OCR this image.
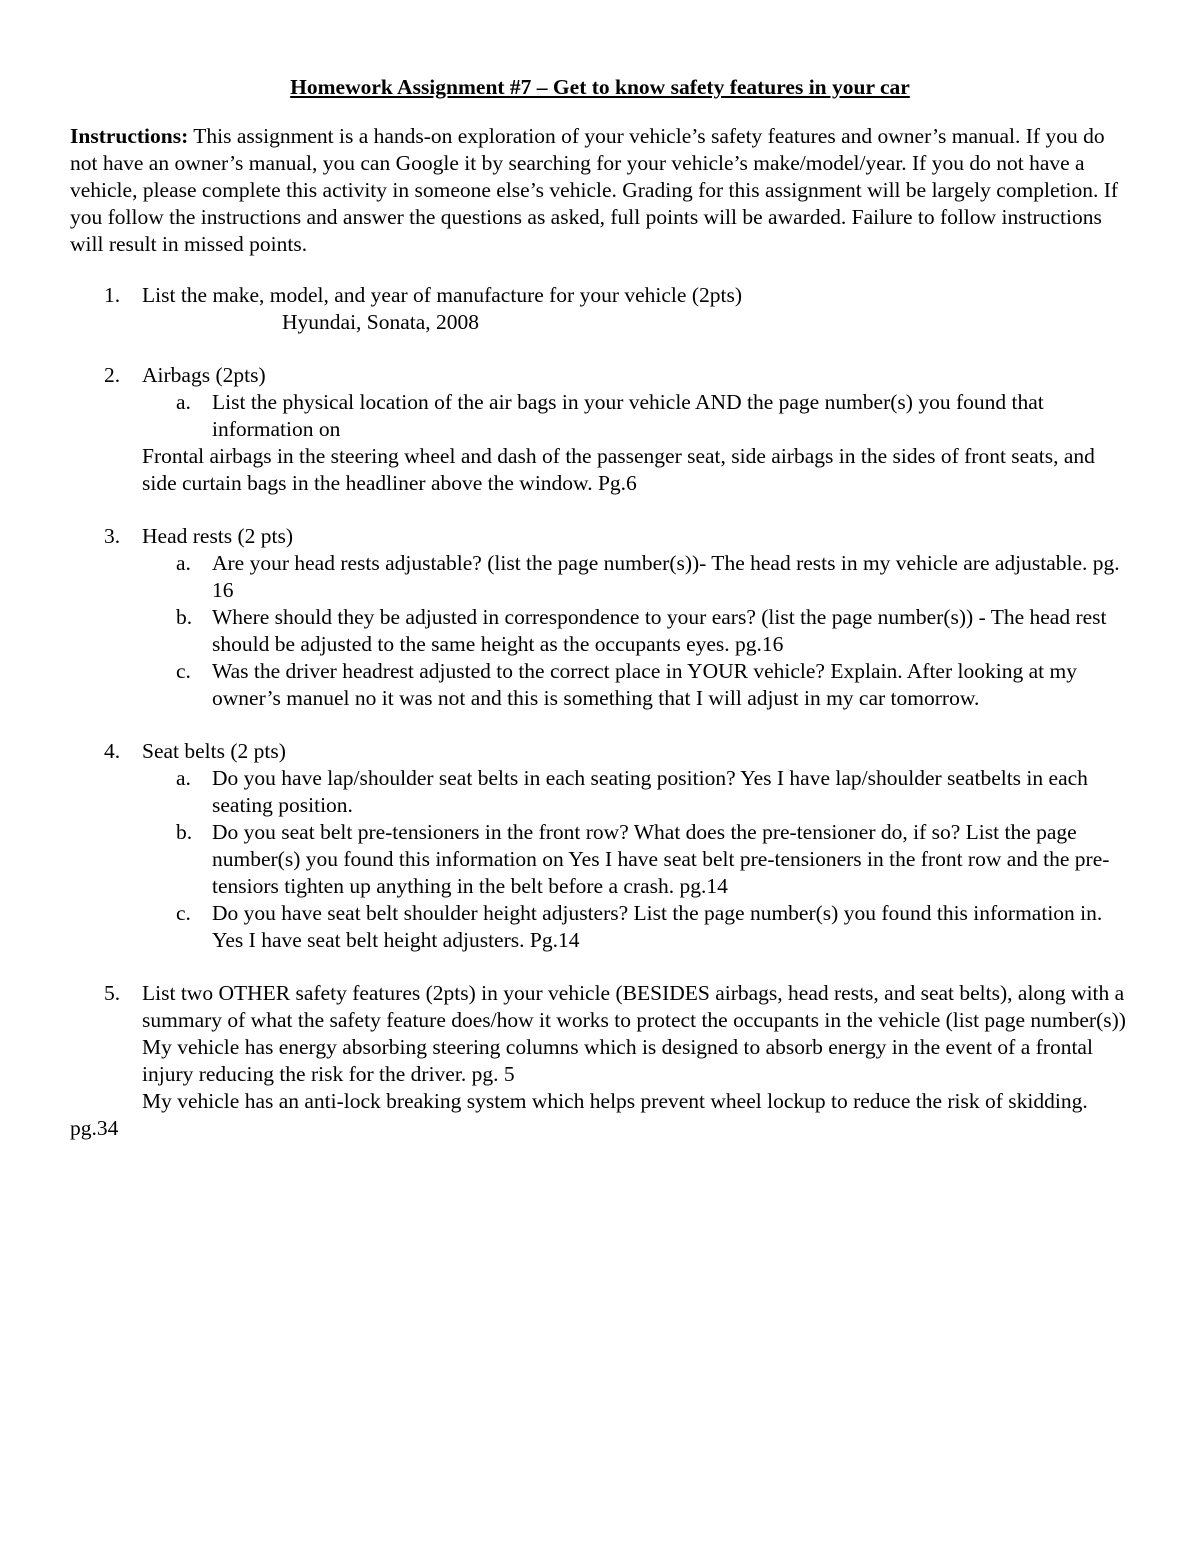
Homework Assignment #7 – Get to know safety features in your car
Instructions: This assignment is a hands-on exploration of your vehicle’s safety features and owner’s manual. If you do not have an owner’s manual, you can Google it by searching for your vehicle’s make/model/year. If you do not have a vehicle, please complete this activity in someone else’s vehicle. Grading for this assignment will be largely completion. If you follow the instructions and answer the questions as asked, full points will be awarded. Failure to follow instructions will result in missed points.
1.	List the make, model, and year of manufacture for your vehicle (2pts)
Hyundai, Sonata, 2008
2.	Airbags (2pts)
a. List the physical location of the air bags in your vehicle AND the page number(s) you found that information on
Frontal airbags in the steering wheel and dash of the passenger seat, side airbags in the sides of front seats, and side curtain bags in the headliner above the window. Pg.6
3.	Head rests (2 pts)
a. Are your head rests adjustable? (list the page number(s))- The head rests in my vehicle are adjustable. pg. 16
b. Where should they be adjusted in correspondence to your ears? (list the page number(s)) - The head rest should be adjusted to the same height as the occupants eyes. pg.16
c. Was the driver headrest adjusted to the correct place in YOUR vehicle? Explain. After looking at my owner’s manuel no it was not and this is something that I will adjust in my car tomorrow.
4.	Seat belts (2 pts)
a. Do you have lap/shoulder seat belts in each seating position? Yes I have lap/shoulder seatbelts in each seating position.
b. Do you seat belt pre-tensioners in the front row? What does the pre-tensioner do, if so? List the page number(s) you found this information on Yes I have seat belt pre-tensioners in the front row and the pre-tensiors tighten up anything in the belt before a crash. pg.14
c. Do you have seat belt shoulder height adjusters? List the page number(s) you found this information in. Yes I have seat belt height adjusters. Pg.14
5.	List two OTHER safety features (2pts) in your vehicle (BESIDES airbags, head rests, and seat belts), along with a summary of what the safety feature does/how it works to protect the occupants in the vehicle (list page number(s)) My vehicle has energy absorbing steering columns which is designed to absorb energy in the event of a frontal injury reducing the risk for the driver. pg. 5
My vehicle has an anti-lock breaking system which helps prevent wheel lockup to reduce the risk of skidding. pg.34
